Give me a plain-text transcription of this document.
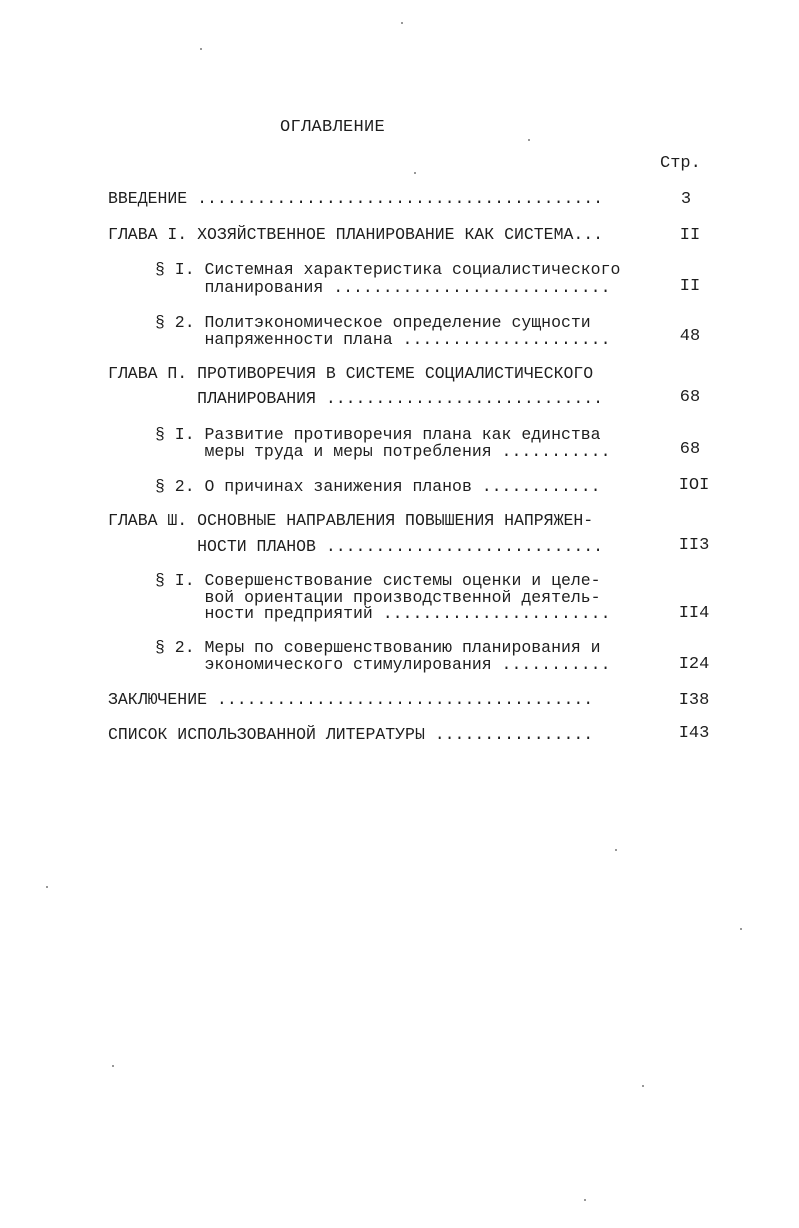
ОГЛАВЛЕНИЕ
Стр.
ВВЕДЕНИЕ .........................................	3
ГЛАВА I. ХОЗЯЙСТВЕННОЕ ПЛАНИРОВАНИЕ КАК СИСТЕМА...	II
§ I. Системная характеристика социалистического
планирования ............................	II
§ 2. Политэкономическое определение сущности
напряженности плана .....................	48
ГЛАВА П. ПРОТИВОРЕЧИЯ В СИСТЕМЕ СОЦИАЛИСТИЧЕСКОГО
ПЛАНИРОВАНИЯ ............................	68
§ I. Развитие противоречия плана как единства
меры труда и меры потребления ...........	68
§ 2. О причинах занижения планов ............	IOI
ГЛАВА Ш. ОСНОВНЫЕ НАПРАВЛЕНИЯ ПОВЫШЕНИЯ НАПРЯЖЕН-
НОСТИ ПЛАНОВ ............................	II3
§ I. Совершенствование системы оценки и целе-
вой ориентации производственной деятель-
ности предприятий .......................	II4
§ 2. Меры по совершенствованию планирования и
экономического стимулирования ...........	I24
ЗАКЛЮЧЕНИЕ ......................................	I38
СПИСОК ИСПОЛЬЗОВАННОЙ ЛИТЕРАТУРЫ ................	I43
